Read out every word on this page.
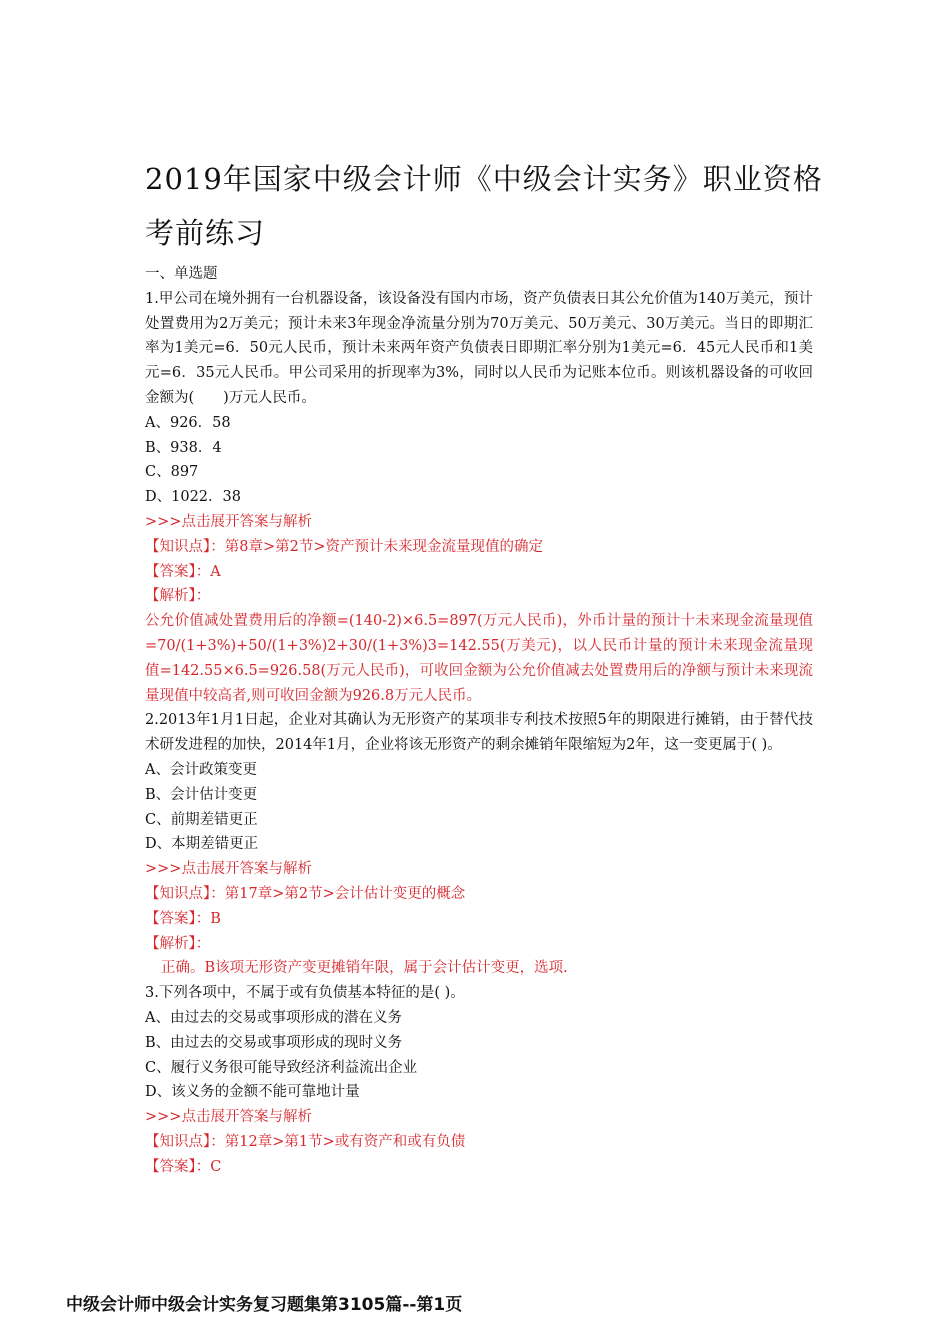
2019年国家中级会计师《中级会计实务》职业资格考前练习

一、单选题

1.甲公司在境外拥有一台机器设备，该设备没有国内市场，资产负债表日其公允价值为140万美元，预计处置费用为2万美元；预计未来3年现金净流量分别为70万美元、50万美元、30万美元。当日的即期汇率为1美元=6．50元人民币，预计未来两年资产负债表日即期汇率分别为1美元=6．45元人民币和1美元=6．35元人民币。甲公司采用的折现率为3%，同时以人民币为记账本位币。则该机器设备的可收回金额为(　　)万元人民币。

A、926．58

B、938．4

C、897

D、1022．38

>>>点击展开答案与解析

【知识点】：第8章>第2节>资产预计未来现金流量现值的确定

【答案】：A

【解析】：

公允价值减处置费用后的净额=(140-2)×6.5=897(万元人民币)，外币计量的预计十未来现金流量现值=70/(1+3%)+50/(1+3%)2+30/(1+3%)3=142.55(万美元)，以人民币计量的预计未来现金流量现值=142.55×6.5=926.58(万元人民币)，可收回金额为公允价值减去处置费用后的净额与预计未来现流量现值中较高者,则可收回金额为926.8万元人民币。

2.2013年1月1日起，企业对其确认为无形资产的某项非专利技术按照5年的期限进行摊销，由于替代技术研发进程的加快，2014年1月，企业将该无形资产的剩余摊销年限缩短为2年，这一变更属于( )。

A、会计政策变更

B、会计估计变更

C、前期差错更正

D、本期差错更正

>>>点击展开答案与解析

【知识点】：第17章>第2节>会计估计变更的概念

【答案】：B

【解析】：

正确。B该项无形资产变更摊销年限，属于会计估计变更，选项.

3.下列各项中，不属于或有负债基本特征的是( )。

A、由过去的交易或事项形成的潜在义务

B、由过去的交易或事项形成的现时义务

C、履行义务很可能导致经济利益流出企业

D、该义务的金额不能可靠地计量

>>>点击展开答案与解析

【知识点】：第12章>第1节>或有资产和或有负债

【答案】：C

中级会计师中级会计实务复习题集第3105篇--第1页
